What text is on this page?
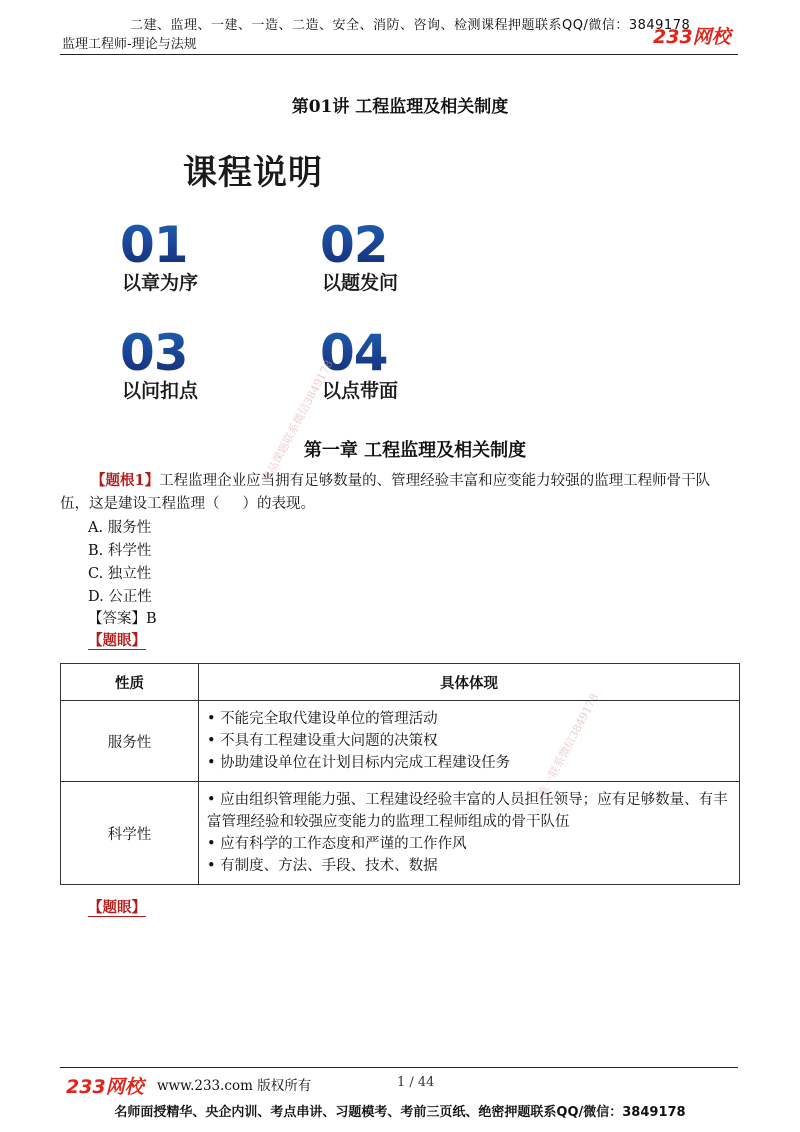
二建、监理、一建、一造、二造、安全、消防、咨询、检测课程押题联系QQ/微信：3849178
监理工程师-理论与法规	233网校
第01讲 工程监理及相关制度
课程说明
01
以章为序
02
以题发问
03
以问扣点
04
以点带面
精品课题联系微信3849178
唯一联系微信3849178
第一章 工程监理及相关制度
【题根1】工程监理企业应当拥有足够数量的、管理经验丰富和应变能力较强的监理工程师骨干队
伍，这是建设工程监理（     ）的表现。
A. 服务性
B. 科学性
C. 独立性
D. 公正性
【答案】B
【题眼】
性质	具体体现
服务性	• 不能完全取代建设单位的管理活动
• 不具有工程建设重大问题的决策权
• 协助建设单位在计划目标内完成工程建设任务

科学性	• 应由组织管理能力强、工程建设经验丰富的人员担任领导；应有足够数量、有丰富管理经验和较强应变能力的监理工程师组成的骨干队伍
• 应有科学的工作态度和严谨的工作作风
• 有制度、方法、手段、技术、数据
【题眼】
233网校 www.233.com 版权所有	1 / 44
名师面授精华、央企内训、考点串讲、习题模考、考前三页纸、绝密押题联系QQ/微信：3849178
